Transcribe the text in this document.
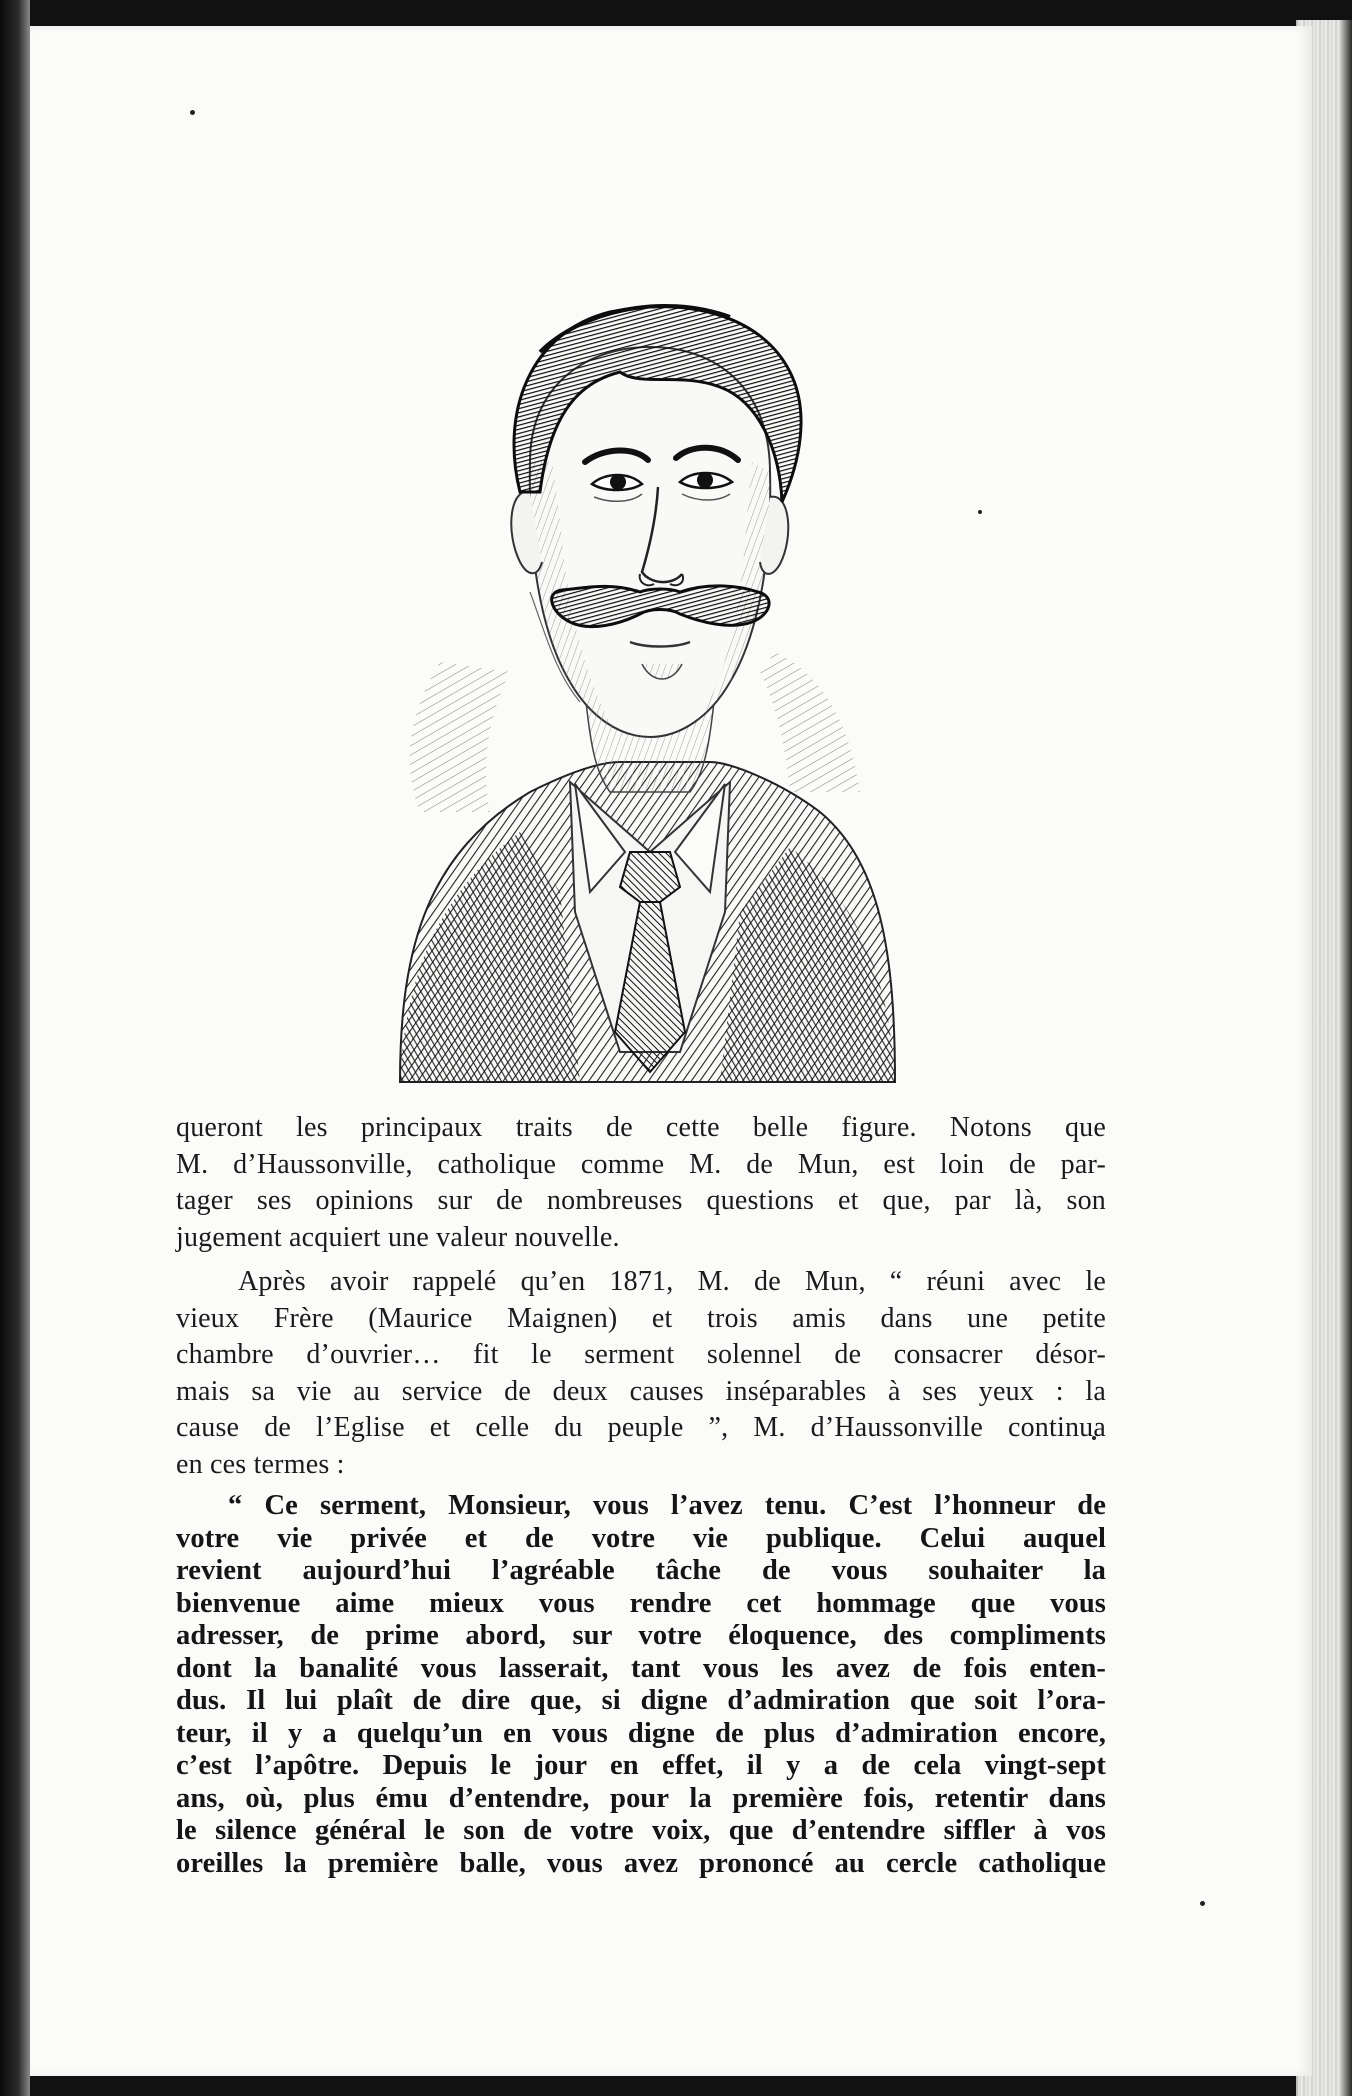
queront les principaux traits de cette belle figure. Notons que
M. d’Haussonville, catholique comme M. de Mun, est loin de par-
tager ses opinions sur de nombreuses questions et que, par là, son
jugement acquiert une valeur nouvelle.
Après avoir rappelé qu’en 1871, M. de Mun, “ réuni avec le
vieux Frère (Maurice Maignen) et trois amis dans une petite
chambre d’ouvrier… fit le serment solennel de consacrer désor-
mais sa vie au service de deux causes inséparables à ses yeux : la
cause de l’Eglise et celle du peuple ”, M. d’Haussonville continua
en ces termes :
“ Ce serment, Monsieur, vous l’avez tenu. C’est l’honneur de
votre vie privée et de votre vie publique. Celui auquel
revient aujourd’hui l’agréable tâche de vous souhaiter la
bienvenue aime mieux vous rendre cet hommage que vous
adresser, de prime abord, sur votre éloquence, des compliments
dont la banalité vous lasserait, tant vous les avez de fois enten-
dus. Il lui plaît de dire que, si digne d’admiration que soit l’ora-
teur, il y a quelqu’un en vous digne de plus d’admiration encore,
c’est l’apôtre. Depuis le jour en effet, il y a de cela vingt-sept
ans, où, plus ému d’entendre, pour la première fois, retentir dans
le silence général le son de votre voix, que d’entendre siffler à vos
oreilles la première balle, vous avez prononcé au cercle catholique
